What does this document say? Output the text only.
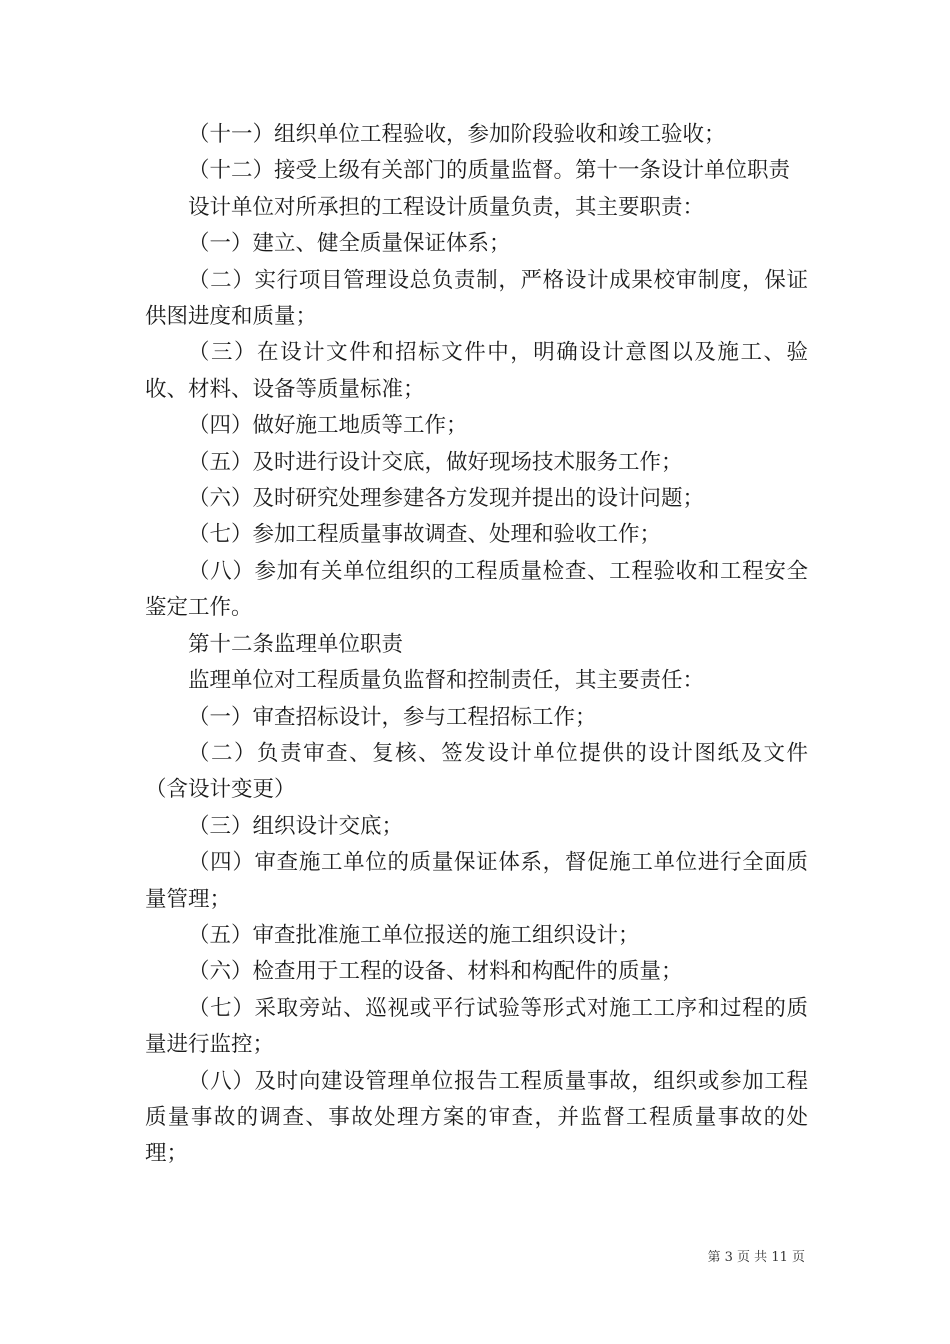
（十一）组织单位工程验收，参加阶段验收和竣工验收；

（十二）接受上级有关部门的质量监督。第十一条设计单位职责

设计单位对所承担的工程设计质量负责，其主要职责：

（一）建立、健全质量保证体系；

（二）实行项目管理设总负责制，严格设计成果校审制度，保证供图进度和质量；

（三）在设计文件和招标文件中，明确设计意图以及施工、验收、材料、设备等质量标准；

（四）做好施工地质等工作；

（五）及时进行设计交底，做好现场技术服务工作；

（六）及时研究处理参建各方发现并提出的设计问题；

（七）参加工程质量事故调查、处理和验收工作；

（八）参加有关单位组织的工程质量检查、工程验收和工程安全鉴定工作。

第十二条监理单位职责

监理单位对工程质量负监督和控制责任，其主要责任：

（一）审查招标设计，参与工程招标工作；

（二）负责审查、复核、签发设计单位提供的设计图纸及文件（含设计变更）

（三）组织设计交底；

（四）审查施工单位的质量保证体系，督促施工单位进行全面质量管理；

（五）审查批准施工单位报送的施工组织设计；

（六）检查用于工程的设备、材料和构配件的质量；

（七）采取旁站、巡视或平行试验等形式对施工工序和过程的质量进行监控；

（八）及时向建设管理单位报告工程质量事故，组织或参加工程质量事故的调查、事故处理方案的审查，并监督工程质量事故的处理；

第 3 页 共 11 页
